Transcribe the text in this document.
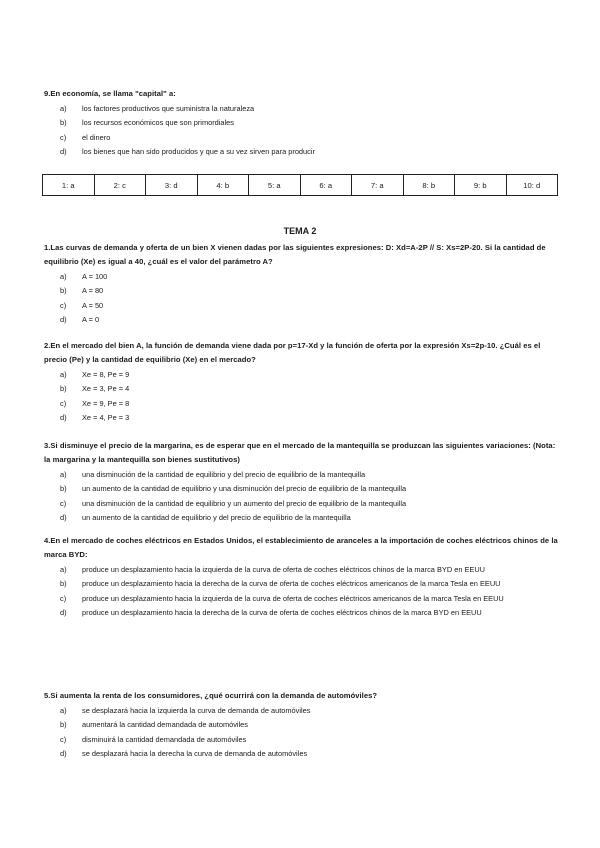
9.En economía, se llama "capital" a:
a)	los factores productivos que suministra la naturaleza
b)	los recursos económicos que son primordiales
c)	el dinero
d)	los bienes que han sido producidos y que a su vez sirven para producir
1: a	2: c	3: d	4: b	5: a	6: a	7: a	8: b	9: b	10: d
TEMA 2
1.Las curvas de demanda y oferta de un bien X vienen dadas por las siguientes expresiones: D: Xd=A-2P // S: Xs=2P-20. Si la cantidad de equilibrio (Xe) es igual a 40, ¿cuál es el valor del parámetro A?
a)	A = 100
b)	A = 80
c)	A = 50
d)	A = 0
2.En el mercado del bien A, la función de demanda viene dada por p=17-Xd y la función de oferta por la expresión Xs=2p-10. ¿Cuál es el precio (Pe) y la cantidad de equilibrio (Xe) en el mercado?
a)	Xe = 8, Pe = 9
b)	Xe = 3, Pe = 4
c)	Xe = 9, Pe = 8
d)	Xe = 4, Pe = 3
3.Si disminuye el precio de la margarina, es de esperar que en el mercado de la mantequilla se produzcan las siguientes variaciones: (Nota: la margarina y la mantequilla son bienes sustitutivos)
a)	una disminución de la cantidad de equilibrio y del precio de equilibrio de la mantequilla
b)	un aumento de la cantidad de equilibrio y una disminución del precio de equilibrio de la mantequilla
c)	una disminución de la cantidad de equilibrio y un aumento del precio de equilibrio de la mantequilla
d)	un aumento de la cantidad de equilibrio y del precio de equilibrio de la mantequilla
4.En el mercado de coches eléctricos en Estados Unidos, el establecimiento de aranceles a la importación de coches eléctricos chinos de la marca BYD:
a)	produce un desplazamiento hacia la izquierda de la curva de oferta de coches eléctricos chinos de la marca BYD en EEUU
b)	produce un desplazamiento hacia la derecha de la curva de oferta de coches eléctricos americanos de la marca Tesla en EEUU
c)	produce un desplazamiento hacia la izquierda de la curva de oferta de coches eléctricos americanos de la marca Tesla en EEUU
d)	produce un desplazamiento hacia la derecha de la curva de oferta de coches eléctricos chinos de la marca BYD en EEUU
5.Si aumenta la renta de los consumidores, ¿qué ocurrirá con la demanda de automóviles?
a)	se desplazará hacia la izquierda la curva de demanda de automóviles
b)	aumentará la cantidad demandada de automóviles
c)	disminuirá la cantidad demandada de automóviles
d)	se desplazará hacia la derecha la curva de demanda de automóviles
